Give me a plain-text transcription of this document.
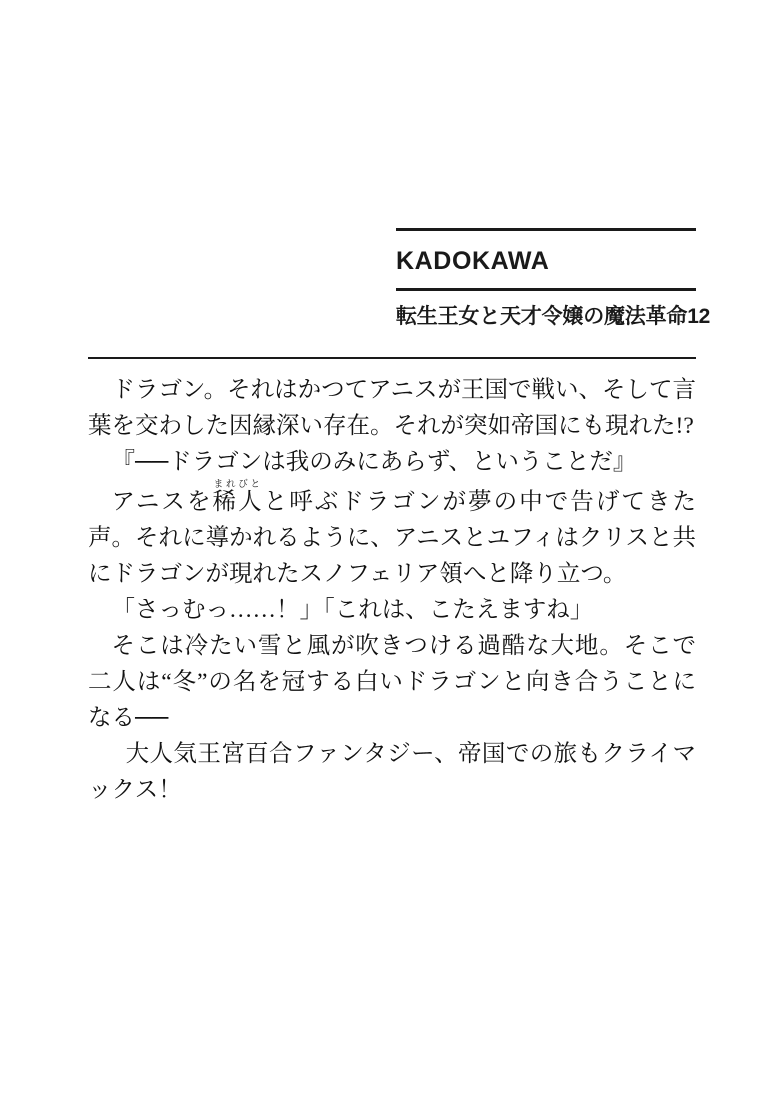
KADOKAWA
転生王女と天才令嬢の魔法革命12

ドラゴン。それはかつてアニスが王国で戦い、そして言葉を交わした因縁深い存在。それが突如帝国にも現れた!?

『──ドラゴンは我のみにあらず、ということだ』

アニスを稀人まれびとと呼ぶドラゴンが夢の中で告げてきた声。それに導かれるように、アニスとユフィはクリスと共にドラゴンが現れたスノフェリア領へと降り立つ。

「さっむっ……！」「これは、こたえますね」

そこは冷たい雪と風が吹きつける過酷な大地。そこで二人は“冬”の名を冠する白いドラゴンと向き合うことになる──

大人気王宮百合ファンタジー、帝国での旅もクライマックス！
